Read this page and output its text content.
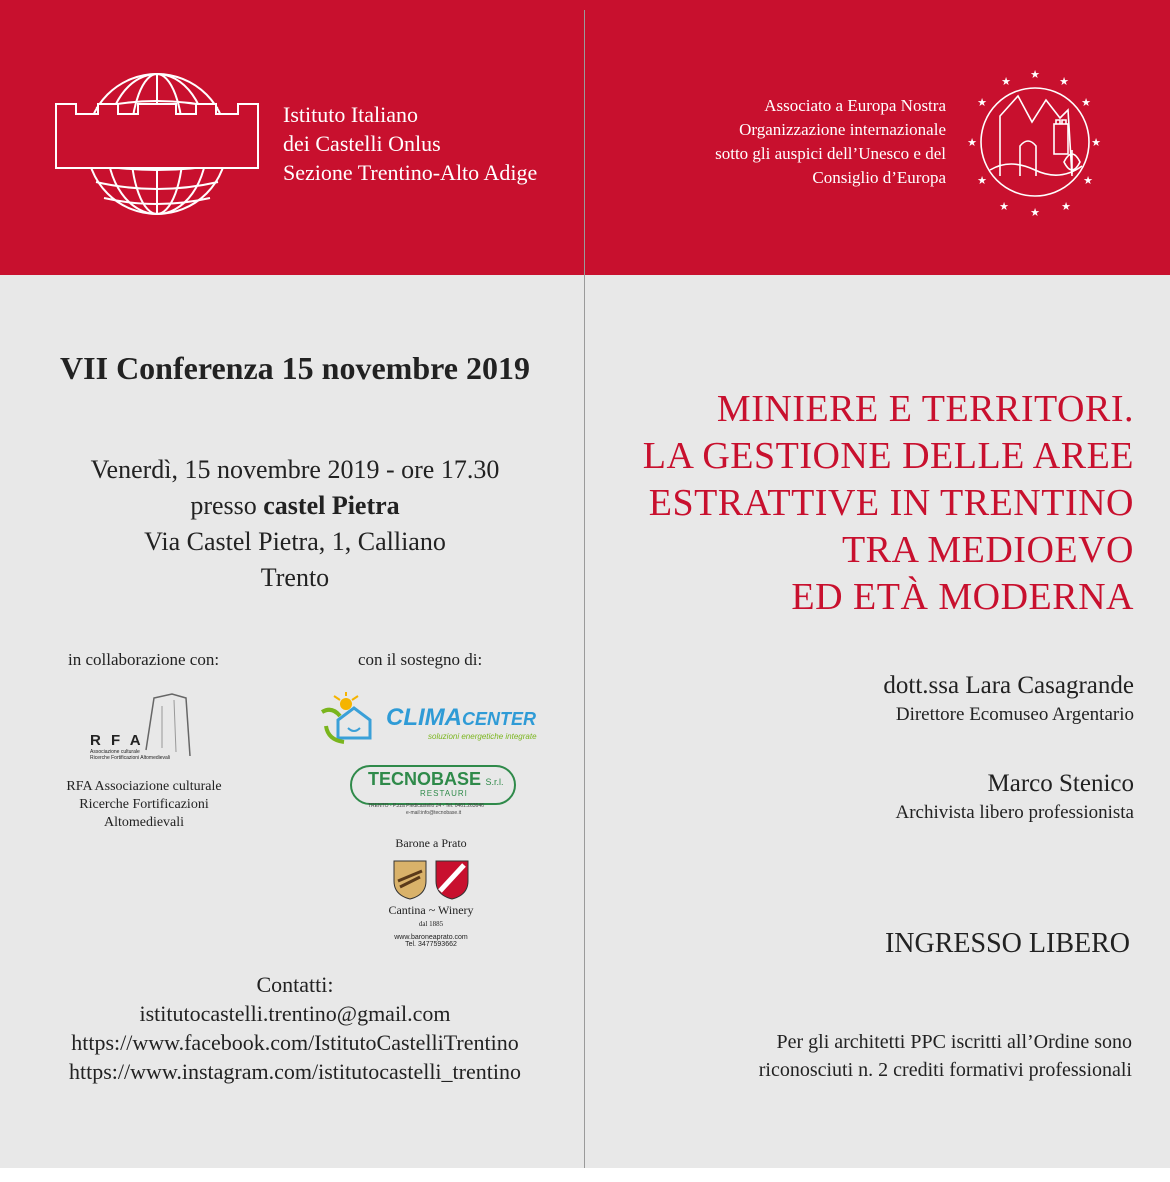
Istituto Italiano
dei Castelli Onlus
Sezione Trentino-Alto Adige
Associato a Europa Nostra
Organizzazione internazionale
sotto gli auspici dell’Unesco e del
Consiglio d’Europa
★
★
★
★
★
★
★
★
★
★
★
★
VII Conferenza 15 novembre 2019
Venerdì, 15 novembre 2019 - ore 17.30
presso castel Pietra
Via Castel Pietra, 1, Calliano
Trento
in collaborazione con:	con il sostegno di:
R F A
Associazione culturale
Ricerche Fortificazioni Altomedievali
RFA Associazione culturale
Ricerche Fortificazioni Altomedievali
CLIMACENTER
soluzioni energetiche integrate
TECNOBASE S.r.l.
RESTAURI
TRENTO - P.zza Piedicastello 24 - Tel. 0461.263646
e-mail:info@tecnobase.it
Barone a Prato
Cantina ~ Winery
dal 1885
www.baroneaprato.com
Tel. 3477593662
Contatti:
istitutocastelli.trentino@gmail.com
https://www.facebook.com/IstitutoCastelliTrentino
https://www.instagram.com/istitutocastelli_trentino
MINIERE E TERRITORI.
LA GESTIONE DELLE AREE
ESTRATTIVE IN TRENTINO
TRA MEDIOEVO
ED ETÀ MODERNA
dott.ssa Lara Casagrande
Direttore Ecomuseo Argentario
Marco Stenico
Archivista libero professionista
INGRESSO LIBERO
Per gli architetti PPC iscritti all’Ordine sono
riconosciuti n. 2 crediti formativi professionali
